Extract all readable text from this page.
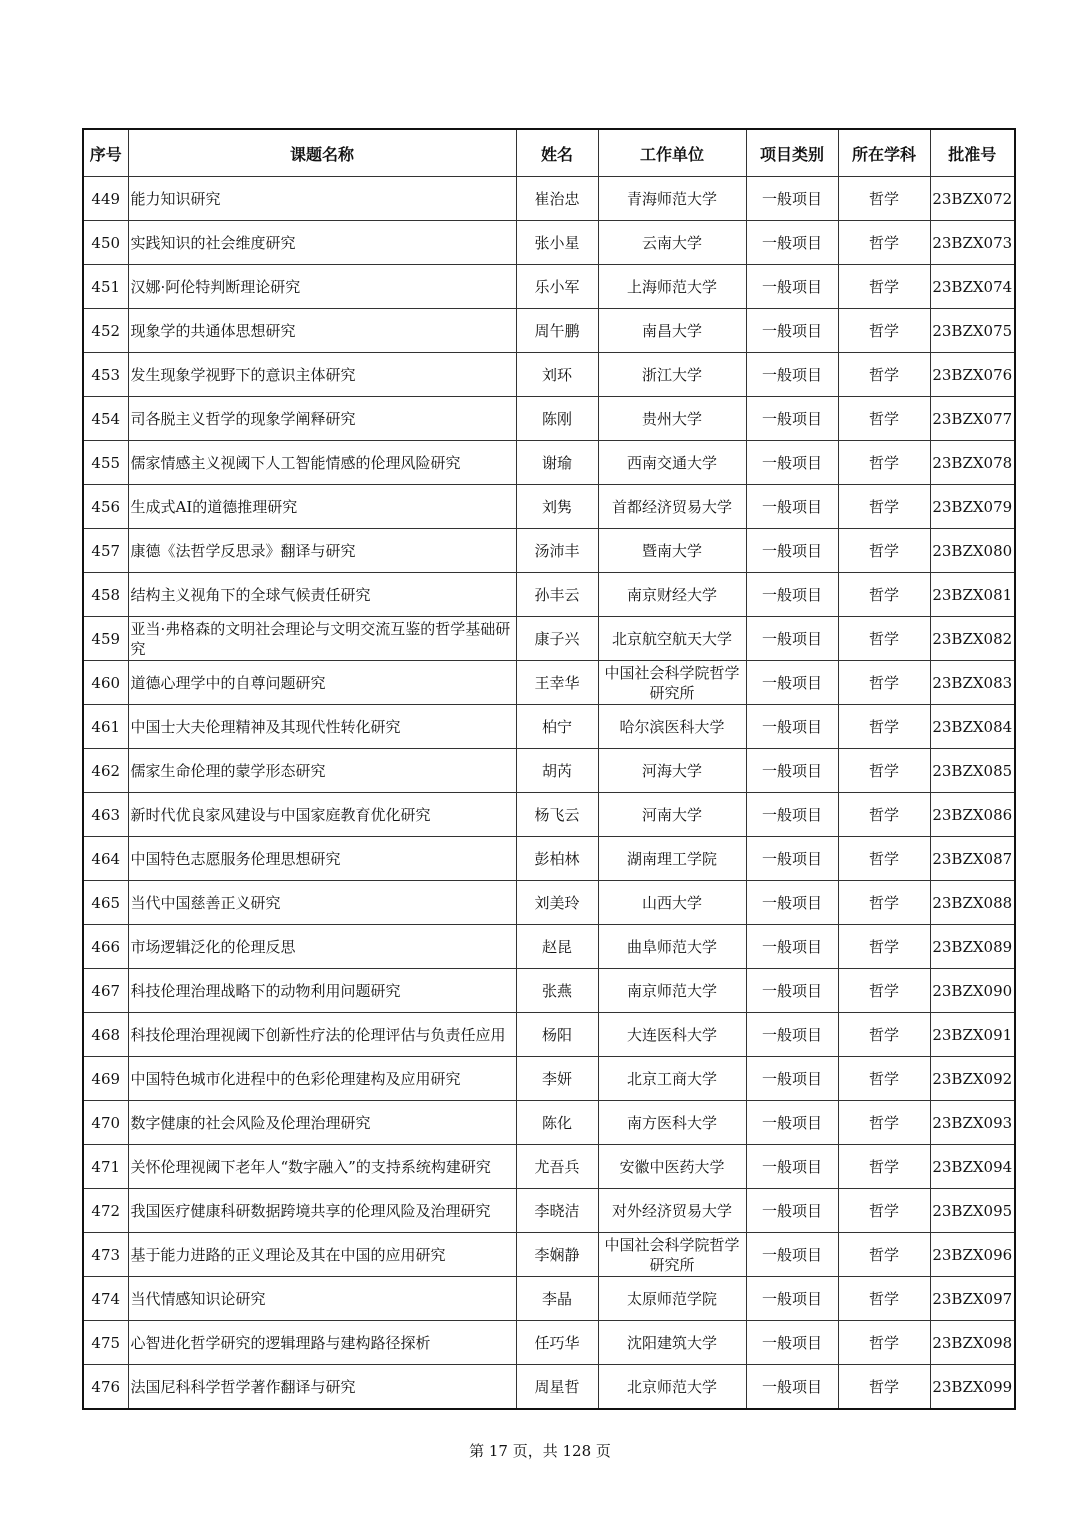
序号	课题名称	姓名	工作单位	项目类别	所在学科	批准号
449	能力知识研究	崔治忠	青海师范大学	一般项目	哲学	23BZX072
450	实践知识的社会维度研究	张小星	云南大学	一般项目	哲学	23BZX073
451	汉娜·阿伦特判断理论研究	乐小军	上海师范大学	一般项目	哲学	23BZX074
452	现象学的共通体思想研究	周午鹏	南昌大学	一般项目	哲学	23BZX075
453	发生现象学视野下的意识主体研究	刘环	浙江大学	一般项目	哲学	23BZX076
454	司各脱主义哲学的现象学阐释研究	陈刚	贵州大学	一般项目	哲学	23BZX077
455	儒家情感主义视阈下人工智能情感的伦理风险研究	谢瑜	西南交通大学	一般项目	哲学	23BZX078
456	生成式AI的道德推理研究	刘隽	首都经济贸易大学	一般项目	哲学	23BZX079
457	康德《法哲学反思录》翻译与研究	汤沛丰	暨南大学	一般项目	哲学	23BZX080
458	结构主义视角下的全球气候责任研究	孙丰云	南京财经大学	一般项目	哲学	23BZX081
459	亚当·弗格森的文明社会理论与文明交流互鉴的哲学基础研究	康子兴	北京航空航天大学	一般项目	哲学	23BZX082
460	道德心理学中的自尊问题研究	王幸华	中国社会科学院哲学研究所	一般项目	哲学	23BZX083
461	中国士大夫伦理精神及其现代性转化研究	柏宁	哈尔滨医科大学	一般项目	哲学	23BZX084
462	儒家生命伦理的蒙学形态研究	胡芮	河海大学	一般项目	哲学	23BZX085
463	新时代优良家风建设与中国家庭教育优化研究	杨飞云	河南大学	一般项目	哲学	23BZX086
464	中国特色志愿服务伦理思想研究	彭柏林	湖南理工学院	一般项目	哲学	23BZX087
465	当代中国慈善正义研究	刘美玲	山西大学	一般项目	哲学	23BZX088
466	市场逻辑泛化的伦理反思	赵昆	曲阜师范大学	一般项目	哲学	23BZX089
467	科技伦理治理战略下的动物利用问题研究	张燕	南京师范大学	一般项目	哲学	23BZX090
468	科技伦理治理视阈下创新性疗法的伦理评估与负责任应用	杨阳	大连医科大学	一般项目	哲学	23BZX091
469	中国特色城市化进程中的色彩伦理建构及应用研究	李妍	北京工商大学	一般项目	哲学	23BZX092
470	数字健康的社会风险及伦理治理研究	陈化	南方医科大学	一般项目	哲学	23BZX093
471	关怀伦理视阈下老年人“数字融入”的支持系统构建研究	尤吾兵	安徽中医药大学	一般项目	哲学	23BZX094
472	我国医疗健康科研数据跨境共享的伦理风险及治理研究	李晓洁	对外经济贸易大学	一般项目	哲学	23BZX095
473	基于能力进路的正义理论及其在中国的应用研究	李娴静	中国社会科学院哲学研究所	一般项目	哲学	23BZX096
474	当代情感知识论研究	李晶	太原师范学院	一般项目	哲学	23BZX097
475	心智进化哲学研究的逻辑理路与建构路径探析	任巧华	沈阳建筑大学	一般项目	哲学	23BZX098
476	法国尼科科学哲学著作翻译与研究	周星哲	北京师范大学	一般项目	哲学	23BZX099
第 17 页，共 128 页
